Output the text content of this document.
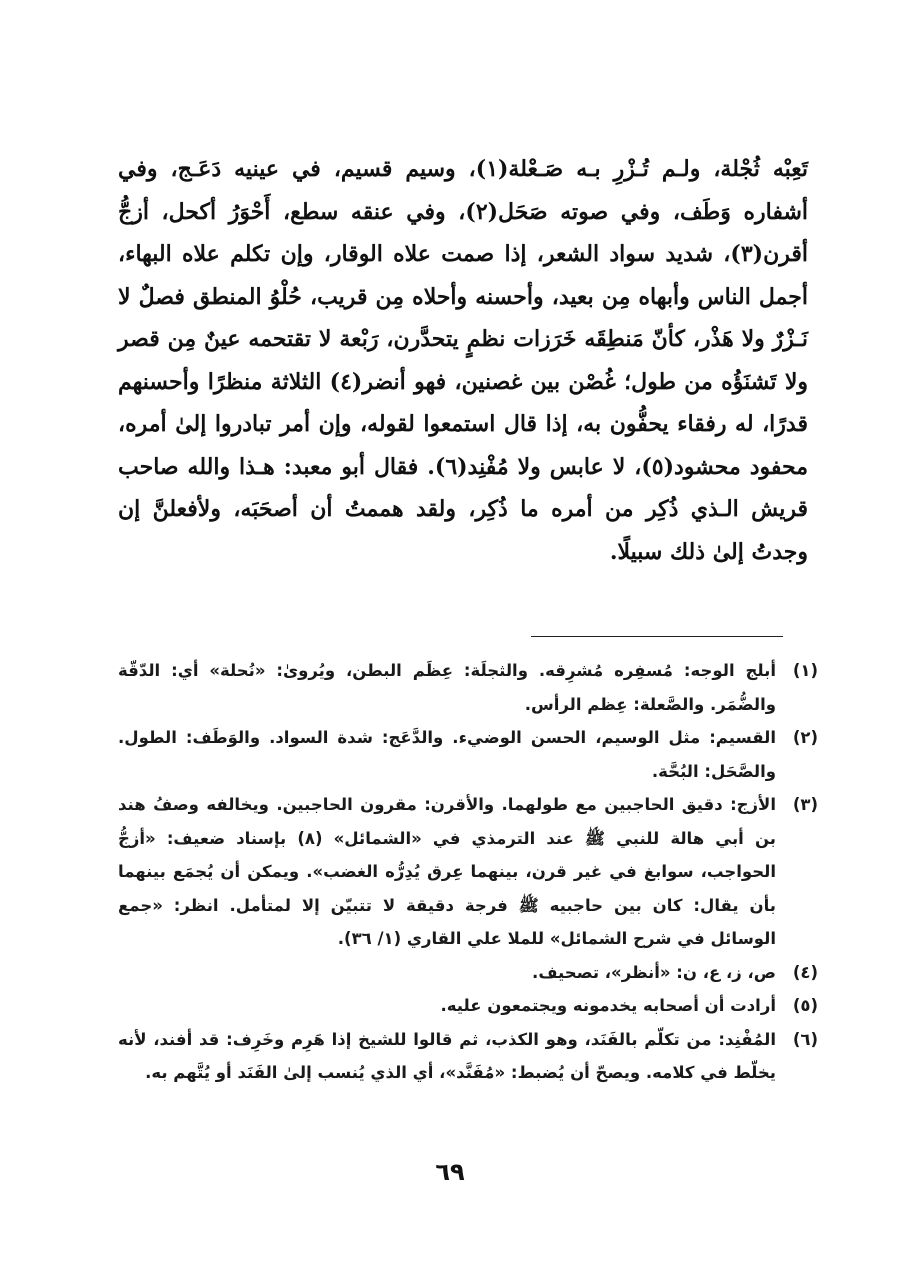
تَعِبْه ثُجْلة، ولـم تُـزْرِ بـه صَـعْلة(١)، وسيم قسيم، في عينيه دَعَـج، وفي أشفاره وَطَف، وفي صوته صَحَل(٢)، وفي عنقه سطع، أَحْوَرُ أكحل، أزجُّ أقرن(٣)، شديد سواد الشعر، إذا صمت علاه الوقار، وإن تكلم علاه البهاء، أجمل الناس وأبهاه مِن بعيد، وأحسنه وأحلاه مِن قريب، حُلْوُ المنطق فصلٌ لا نَـزْرٌ ولا هَذْر، كأنّ مَنطِقَه خَرَزات نظمٍ يتحدَّرن، رَبْعة لا تقتحمه عينٌ مِن قصر ولا تَشنَؤُه من طول؛ غُصْن بين غصنين، فهو أنضر(٤) الثلاثة منظرًا وأحسنهم قدرًا، له رفقاء يحفُّون به، إذا قال استمعوا لقوله، وإن أمر تبادروا إلىٰ أمره، محفود محشود(٥)، لا عابس ولا مُفْنِد(٦). فقال أبو معبد: هـذا والله صاحب قريش الـذي ذُكِر من أمره ما ذُكِر، ولقد هممتُ أن أصحَبَه، ولأفعلنَّ إن وجدتُ إلىٰ ذلك سبيلًا.

(١)
أبلج الوجه: مُسفِره مُشرِقه. والثجلَة: عِظَم البطن، ويُروىٰ: «نُحلة» أي: الدّقّة والضُّمَر. والصَّعلة: عِظم الرأس.
(٢)
القسيم: مثل الوسيم، الحسن الوضيء. والدَّعَج: شدة السواد. والوَطَف: الطول. والصَّحَل: البُحَّة.
(٣)
الأزج: دقيق الحاجبين مع طولهما. والأقرن: مقرون الحاجبين. ويخالفه وصفُ هند بن أبي هالة للنبي ﷺ عند الترمذي في «الشمائل» (٨) بإسناد ضعيف: «أزجُّ الحواجب، سوابغ في غير قرن، بينهما عِرق يُدِرُّه الغضب». ويمكن أن يُجمَع بينهما بأن يقال: كان بين حاجبيه ﷺ فرجة دقيقة لا تتبيّن إلا لمتأمل. انظر: «جمع الوسائل في شرح الشمائل» للملا علي القاري (١/ ٣٦).
(٤)
ص، ز، ع، ن: «أنظر»، تصحيف.
(٥)
أرادت أن أصحابه يخدمونه ويجتمعون عليه.
(٦)
المُفْنِد: من تكلّم بالفَنَد، وهو الكذب، ثم قالوا للشيخ إذا هَرِم وخَرِف: قد أفند، لأنه يخلّط في كلامه. ويصحّ أن يُضبط: «مُفَنَّد»، أي الذي يُنسب إلىٰ الفَنَد أو يُتَّهم به.
٦٩
